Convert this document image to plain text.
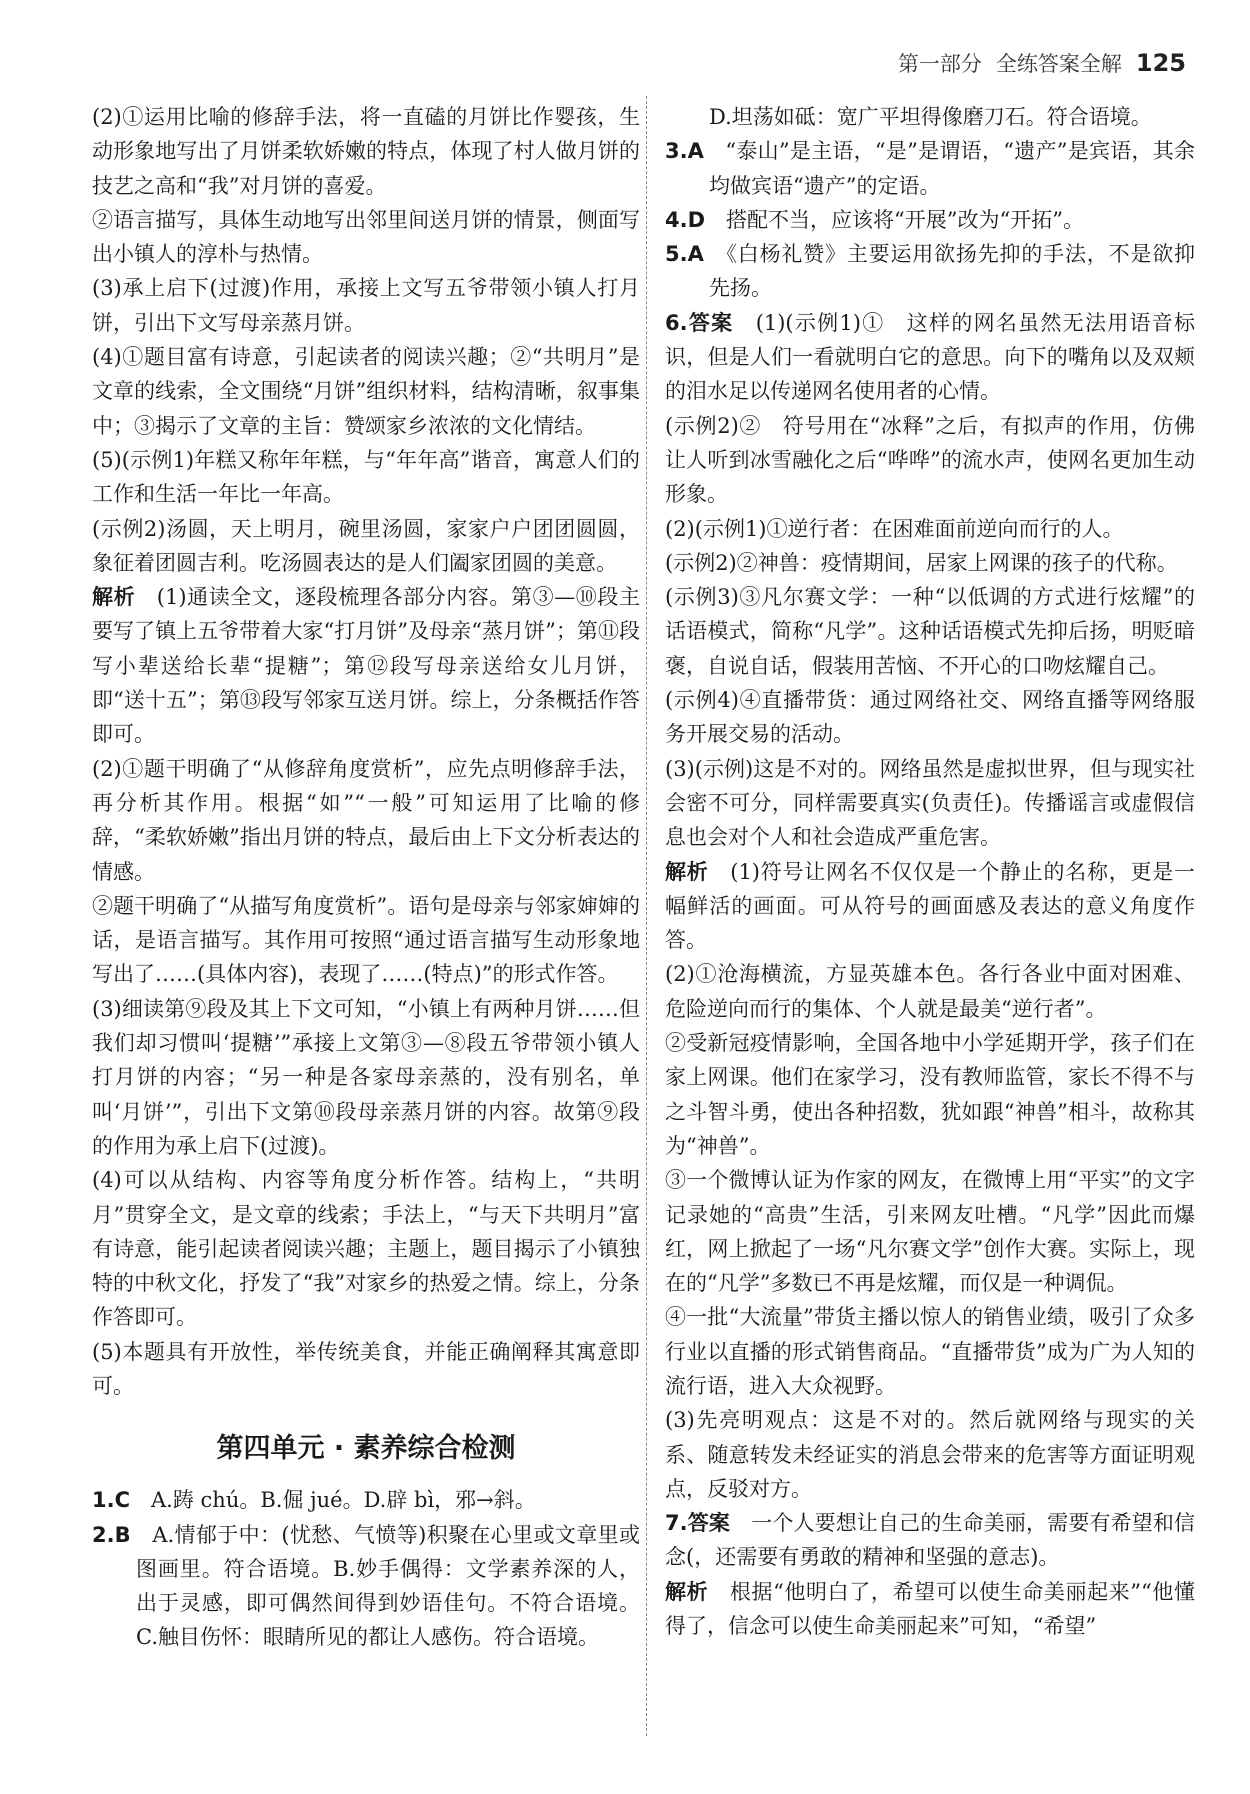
第一部分 全练答案全解 125

(2)①运用比喻的修辞手法，将一直磕的月饼比作婴孩，生动形象地写出了月饼柔软娇嫩的特点，体现了村人做月饼的技艺之高和“我”对月饼的喜爱。

②语言描写，具体生动地写出邻里间送月饼的情景，侧面写出小镇人的淳朴与热情。

(3)承上启下(过渡)作用，承接上文写五爷带领小镇人打月饼，引出下文写母亲蒸月饼。

(4)①题目富有诗意，引起读者的阅读兴趣；②“共明月”是文章的线索，全文围绕“月饼”组织材料，结构清晰，叙事集中；③揭示了文章的主旨：赞颂家乡浓浓的文化情结。

(5)(示例1)年糕又称年年糕，与“年年高”谐音，寓意人们的工作和生活一年比一年高。

(示例2)汤圆，天上明月，碗里汤圆，家家户户团团圆圆，象征着团圆吉利。吃汤圆表达的是人们阖家团圆的美意。

解析　 (1)通读全文，逐段梳理各部分内容。第③—⑩段主要写了镇上五爷带着大家“打月饼”及母亲“蒸月饼”；第⑪段写小辈送给长辈“提糖”；第⑫段写母亲送给女儿月饼，即“送十五”；第⑬段写邻家互送月饼。综上，分条概括作答即可。

(2)①题干明确了“从修辞角度赏析”，应先点明修辞手法，再分析其作用。根据“如”“一般”可知运用了比喻的修辞，“柔软娇嫩”指出月饼的特点，最后由上下文分析表达的情感。

②题干明确了“从描写角度赏析”。语句是母亲与邻家婶婶的话，是语言描写。其作用可按照“通过语言描写生动形象地写出了……(具体内容)，表现了……(特点)”的形式作答。

(3)细读第⑨段及其上下文可知，“小镇上有两种月饼……但我们却习惯叫‘提糖’”承接上文第③—⑧段五爷带领小镇人打月饼的内容；“另一种是各家母亲蒸的，没有别名，单叫‘月饼’”，引出下文第⑩段母亲蒸月饼的内容。故第⑨段的作用为承上启下(过渡)。

(4)可以从结构、内容等角度分析作答。结构上，“共明月”贯穿全文，是文章的线索；手法上，“与天下共明月”富有诗意，能引起读者阅读兴趣；主题上，题目揭示了小镇独特的中秋文化，抒发了“我”对家乡的热爱之情。综上，分条作答即可。

(5)本题具有开放性，举传统美食，并能正确阐释其寓意即可。

第四单元 · 素养综合检测

1.C　 A.踌 chú。B.倔 jué。D.辟 bì，邪→斜。

2.B　 A.情郁于中：(忧愁、气愤等)积聚在心里或文章里或图画里。符合语境。B.妙手偶得：文学素养深的人，出于灵感，即可偶然间得到妙语佳句。不符合语境。C.触目伤怀：眼睛所见的都让人感伤。符合语境。

D.坦荡如砥：宽广平坦得像磨刀石。符合语境。

3.A　 “泰山”是主语，“是”是谓语，“遗产”是宾语，其余均做宾语“遗产”的定语。

4.D　 搭配不当，应该将“开展”改为“开拓”。

5.A　 《白杨礼赞》主要运用欲扬先抑的手法，不是欲抑先扬。

6.答案　 (1)(示例1)①　这样的网名虽然无法用语音标识，但是人们一看就明白它的意思。向下的嘴角以及双颊的泪水足以传递网名使用者的心情。

(示例2)②　符号用在“冰释”之后，有拟声的作用，仿佛让人听到冰雪融化之后“哗哗”的流水声，使网名更加生动形象。

(2)(示例1)①逆行者：在困难面前逆向而行的人。

(示例2)②神兽：疫情期间，居家上网课的孩子的代称。

(示例3)③凡尔赛文学：一种“以低调的方式进行炫耀”的话语模式，简称“凡学”。这种话语模式先抑后扬，明贬暗褒，自说自话，假装用苦恼、不开心的口吻炫耀自己。

(示例4)④直播带货：通过网络社交、网络直播等网络服务开展交易的活动。

(3)(示例)这是不对的。网络虽然是虚拟世界，但与现实社会密不可分，同样需要真实(负责任)。传播谣言或虚假信息也会对个人和社会造成严重危害。

解析　 (1)符号让网名不仅仅是一个静止的名称，更是一幅鲜活的画面。可从符号的画面感及表达的意义角度作答。

(2)①沧海横流，方显英雄本色。各行各业中面对困难、危险逆向而行的集体、个人就是最美“逆行者”。

②受新冠疫情影响，全国各地中小学延期开学，孩子们在家上网课。他们在家学习，没有教师监管，家长不得不与之斗智斗勇，使出各种招数，犹如跟“神兽”相斗，故称其为“神兽”。

③一个微博认证为作家的网友，在微博上用“平实”的文字记录她的“高贵”生活，引来网友吐槽。“凡学”因此而爆红，网上掀起了一场“凡尔赛文学”创作大赛。实际上，现在的“凡学”多数已不再是炫耀，而仅是一种调侃。

④一批“大流量”带货主播以惊人的销售业绩，吸引了众多行业以直播的形式销售商品。“直播带货”成为广为人知的流行语，进入大众视野。

(3)先亮明观点：这是不对的。然后就网络与现实的关系、随意转发未经证实的消息会带来的危害等方面证明观点，反驳对方。

7.答案　 一个人要想让自己的生命美丽，需要有希望和信念(，还需要有勇敢的精神和坚强的意志)。

解析　 根据“他明白了，希望可以使生命美丽起来”“他懂得了，信念可以使生命美丽起来”可知，“希望”
